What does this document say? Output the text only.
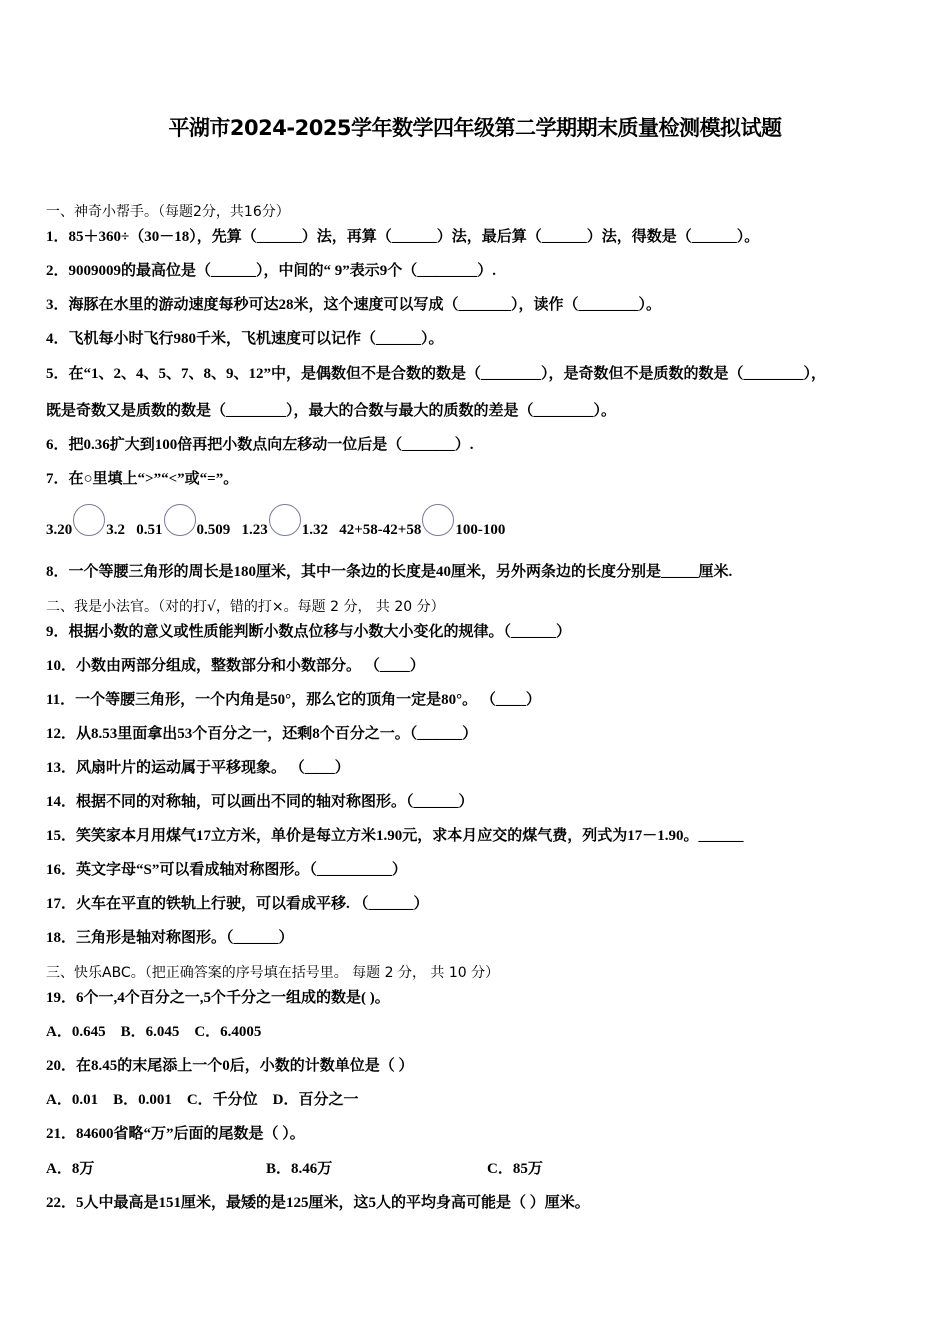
平湖市2024-2025学年数学四年级第二学期期末质量检测模拟试题
一、神奇小帮手。（每题2分，共16分）
1．85＋360÷（30－18），先算（______）法，再算（______）法，最后算（______）法，得数是（______）。
2．9009009的最高位是（______），中间的“ 9”表示9个（________）.
3．海豚在水里的游动速度每秒可达28米，这个速度可以写成（_______），读作（________）。
4．飞机每小时飞行980千米，飞机速度可以记作（______）。
5．在“1、2、4、5、7、8、9、12”中，是偶数但不是合数的数是（________），是奇数但不是质数的数是（________），
既是奇数又是质数的数是（________），最大的合数与最大的质数的差是（________）。
6．把0.36扩大到100倍再把小数点向左移动一位后是（_______）.
7．在○里填上“>”“<”或“=”。
3.20 3.2 0.51 0.509 1.23 1.32 42+58-42+58 100-100
8．一个等腰三角形的周长是180厘米，其中一条边的长度是40厘米，另外两条边的长度分别是_____厘米.
二、我是小法官。（对的打√，错的打×。每题 2 分， 共 20 分）
9．根据小数的意义或性质能判断小数点位移与小数大小变化的规律。（______）
10．小数由两部分组成，整数部分和小数部分。 （____）
11．一个等腰三角形，一个内角是50°，那么它的顶角一定是80°。 （____）
12．从8.53里面拿出53个百分之一，还剩8个百分之一。（______）
13．风扇叶片的运动属于平移现象。 （____）
14．根据不同的对称轴，可以画出不同的轴对称图形。（______）
15．笑笑家本月用煤气17立方米，单价是每立方米1.90元，求本月应交的煤气费，列式为17－1.90。______
16．英文字母“S”可以看成轴对称图形。（__________）
17．火车在平直的铁轨上行驶，可以看成平移. （______）
18．三角形是轴对称图形。（______）
三、快乐ABC。（把正确答案的序号填在括号里。 每题 2 分， 共 10 分）
19．6个一,4个百分之一,5个千分之一组成的数是( )。
A．0.645    B．6.045    C．6.4005
20．在8.45的末尾添上一个0后，小数的计数单位是（ ）
A．0.01    B．0.001    C．千分位    D．百分之一
21．84600省略“万”后面的尾数是（ ）。
A．8万	B．8.46万	C．85万
22．5人中最高是151厘米，最矮的是125厘米，这5人的平均身高可能是（ ）厘米。
